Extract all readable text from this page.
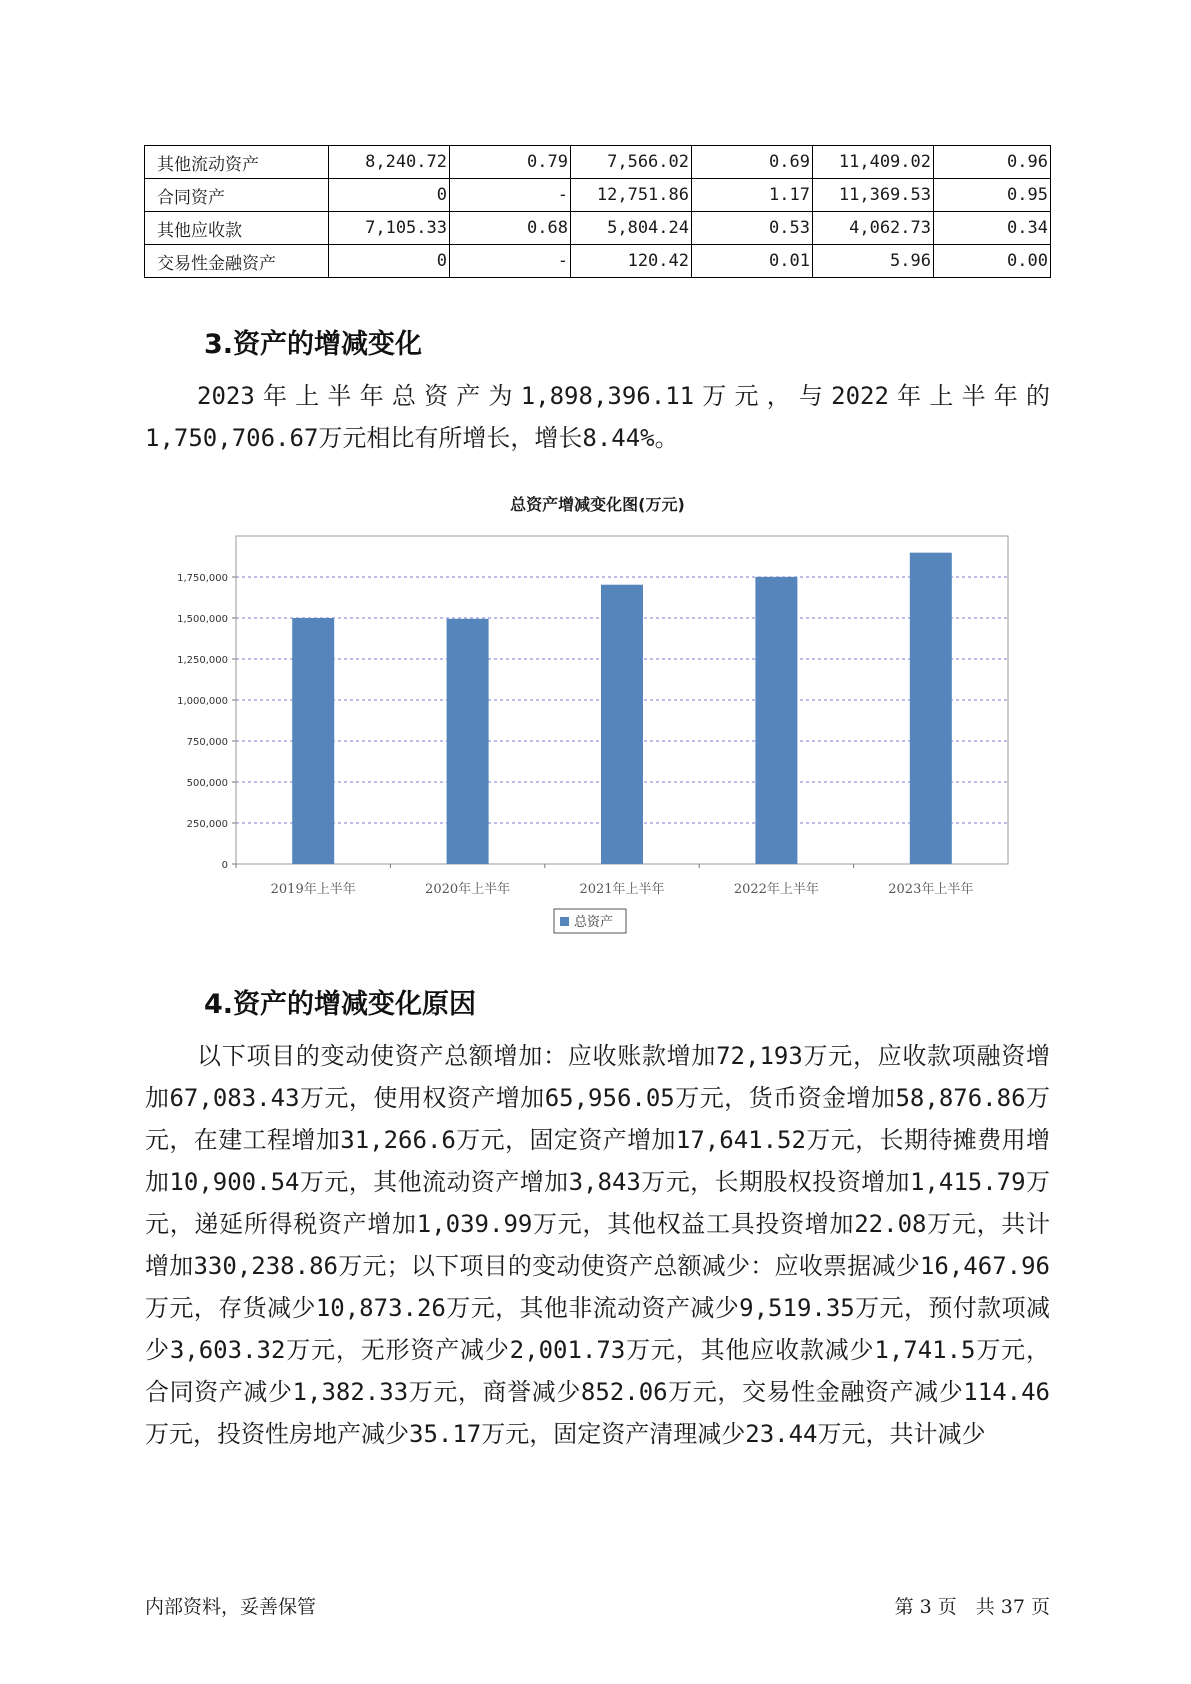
其他流动资产	8,240.72	0.79	7,566.02	0.69	11,409.02	0.96
合同资产	0	-	12,751.86	1.17	11,369.53	0.95
其他应收款	7,105.33	0.68	5,804.24	0.53	4,062.73	0.34
交易性金融资产	0	-	120.42	0.01	5.96	0.00
3.资产的增减变化

2023年上半年总资产为1,898,396.11万元，与2022年上半年的1,750,706.67万元相比有所增长，增长8.44%。

总资产增减变化图(万元)
0
250,000
500,000
750,000
1,000,000
1,250,000
1,500,000
1,750,000
2019年上半年	2020年上半年	2021年上半年	2022年上半年	2023年上半年
总资产
4.资产的增减变化原因

以下项目的变动使资产总额增加：应收账款增加72,193万元，应收款项融资增加67,083.43万元，使用权资产增加65,956.05万元，货币资金增加58,876.86万元，在建工程增加31,266.6万元，固定资产增加17,641.52万元，长期待摊费用增加10,900.54万元，其他流动资产增加3,843万元，长期股权投资增加1,415.79万元，递延所得税资产增加1,039.99万元，其他权益工具投资增加22.08万元，共计增加330,238.86万元；以下项目的变动使资产总额减少：应收票据减少16,467.96万元，存货减少10,873.26万元，其他非流动资产减少9,519.35万元，预付款项减少3,603.32万元，无形资产减少2,001.73万元，其他应收款减少1,741.5万元，合同资产减少1,382.33万元，商誉减少852.06万元，交易性金融资产减少114.46万元，投资性房地产减少35.17万元，固定资产清理减少23.44万元，共计减少

内部资料，妥善保管	第 3 页　共 37 页
